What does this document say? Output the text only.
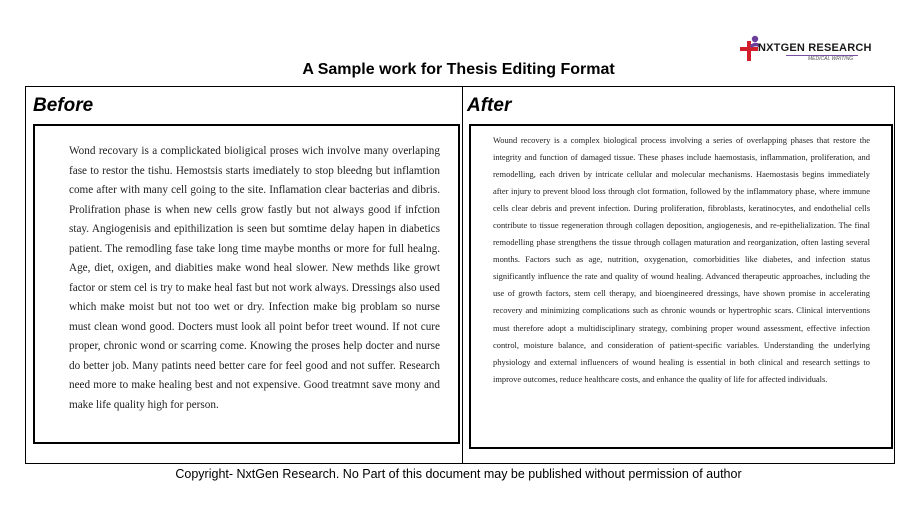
NXTGEN RESEARCH
MEDICAL WRITING
A Sample work for Thesis Editing Format
Before	After

Wond recovary is a complickated bioligical proses wich involve many overlaping fase to restor the tishu. Hemostsis starts imediately to stop bleedng but inflamtion come after with many cell going to the site. Inflamation clear bacterias and dibris. Prolifration phase is when new cells grow fastly but not always good if infction stay. Angiogenisis and epithilization is seen but somtime delay hapen in diabetics patient. The remodling fase take long time maybe months or more for full healng. Age, diet, oxigen, and diabities make wond heal slower. New methds like growt factor or stem cel is try to make heal fast but not work always. Dressings also used which make moist but not too wet or dry. Infection make big problam so nurse must clean wond good. Docters must look all point befor treet wound. If not cure proper, chronic wond or scarring come. Knowing the proses help docter and nurse do better job. Many patints need better care for feel good and not suffer. Research need more to make healing best and not expensive. Good treatmnt save mony and make life quality high for person.

Wound recovery is a complex biological process involving a series of overlapping phases that restore the integrity and function of damaged tissue. These phases include haemostasis, inflammation, proliferation, and remodelling, each driven by intricate cellular and molecular mechanisms. Haemostasis begins immediately after injury to prevent blood loss through clot formation, followed by the inflammatory phase, where immune cells clear debris and prevent infection. During proliferation, fibroblasts, keratinocytes, and endothelial cells contribute to tissue regeneration through collagen deposition, angiogenesis, and re-epithelialization. The final remodelling phase strengthens the tissue through collagen maturation and reorganization, often lasting several months. Factors such as age, nutrition, oxygenation, comorbidities like diabetes, and infection status significantly influence the rate and quality of wound healing. Advanced therapeutic approaches, including the use of growth factors, stem cell therapy, and bioengineered dressings, have shown promise in accelerating recovery and minimizing complications such as chronic wounds or hypertrophic scars. Clinical interventions must therefore adopt a multidisciplinary strategy, combining proper wound assessment, effective infection control, moisture balance, and consideration of patient-specific variables. Understanding the underlying physiology and external influencers of wound healing is essential in both clinical and research settings to improve outcomes, reduce healthcare costs, and enhance the quality of life for affected individuals.

Copyright- NxtGen Research. No Part of this document may be published without permission of author
